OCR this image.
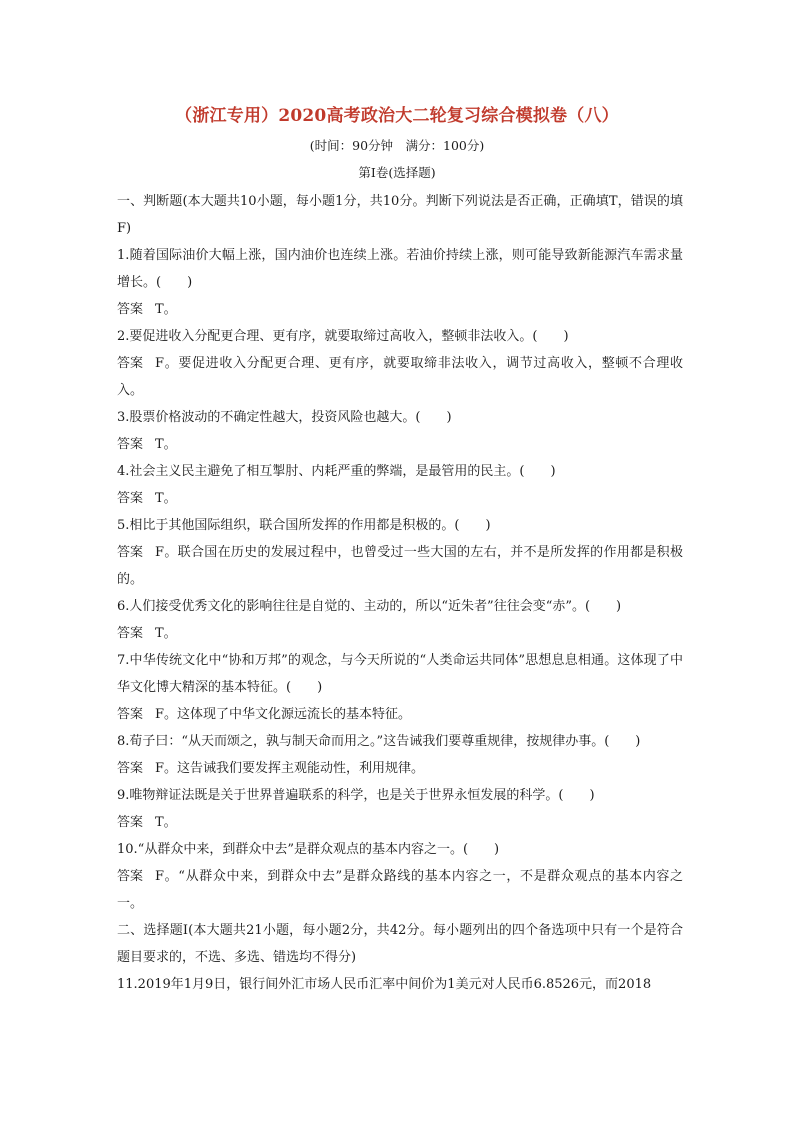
（浙江专用）2020高考政治大二轮复习综合模拟卷（八）
(时间：90分钟　满分：100分)
第Ⅰ卷(选择题)
一、判断题(本大题共10小题，每小题1分，共10分。判断下列说法是否正确，正确填T，错误的填F)
1.随着国际油价大幅上涨，国内油价也连续上涨。若油价持续上涨，则可能导致新能源汽车需求量增长。(　　)
答案 T。
2.要促进收入分配更合理、更有序，就要取缔过高收入，整顿非法收入。(　　)
答案 F。要促进收入分配更合理、更有序，就要取缔非法收入，调节过高收入，整顿不合理收入。
3.股票价格波动的不确定性越大，投资风险也越大。(　　)
答案 T。
4.社会主义民主避免了相互掣肘、内耗严重的弊端，是最管用的民主。(　　)
答案 T。
5.相比于其他国际组织，联合国所发挥的作用都是积极的。(　　)
答案 F。联合国在历史的发展过程中，也曾受过一些大国的左右，并不是所发挥的作用都是积极的。
6.人们接受优秀文化的影响往往是自觉的、主动的，所以“近朱者”往往会变“赤”。(　　)
答案 T。
7.中华传统文化中“协和万邦”的观念，与今天所说的“人类命运共同体”思想息息相通。这体现了中华文化博大精深的基本特征。(　　)
答案 F。这体现了中华文化源远流长的基本特征。
8.荀子曰：“从天而颂之，孰与制天命而用之。”这告诫我们要尊重规律，按规律办事。(　　)
答案 F。这告诫我们要发挥主观能动性，利用规律。
9.唯物辩证法既是关于世界普遍联系的科学，也是关于世界永恒发展的科学。(　　)
答案 T。
10.“从群众中来，到群众中去”是群众观点的基本内容之一。(　　)
答案 F。“从群众中来，到群众中去”是群众路线的基本内容之一，不是群众观点的基本内容之一。
二、选择题Ⅰ(本大题共21小题，每小题2分，共42分。每小题列出的四个备选项中只有一个是符合题目要求的，不选、多选、错选均不得分)
11.2019年1月9日，银行间外汇市场人民币汇率中间价为1美元对人民币6.8526元，而2018
